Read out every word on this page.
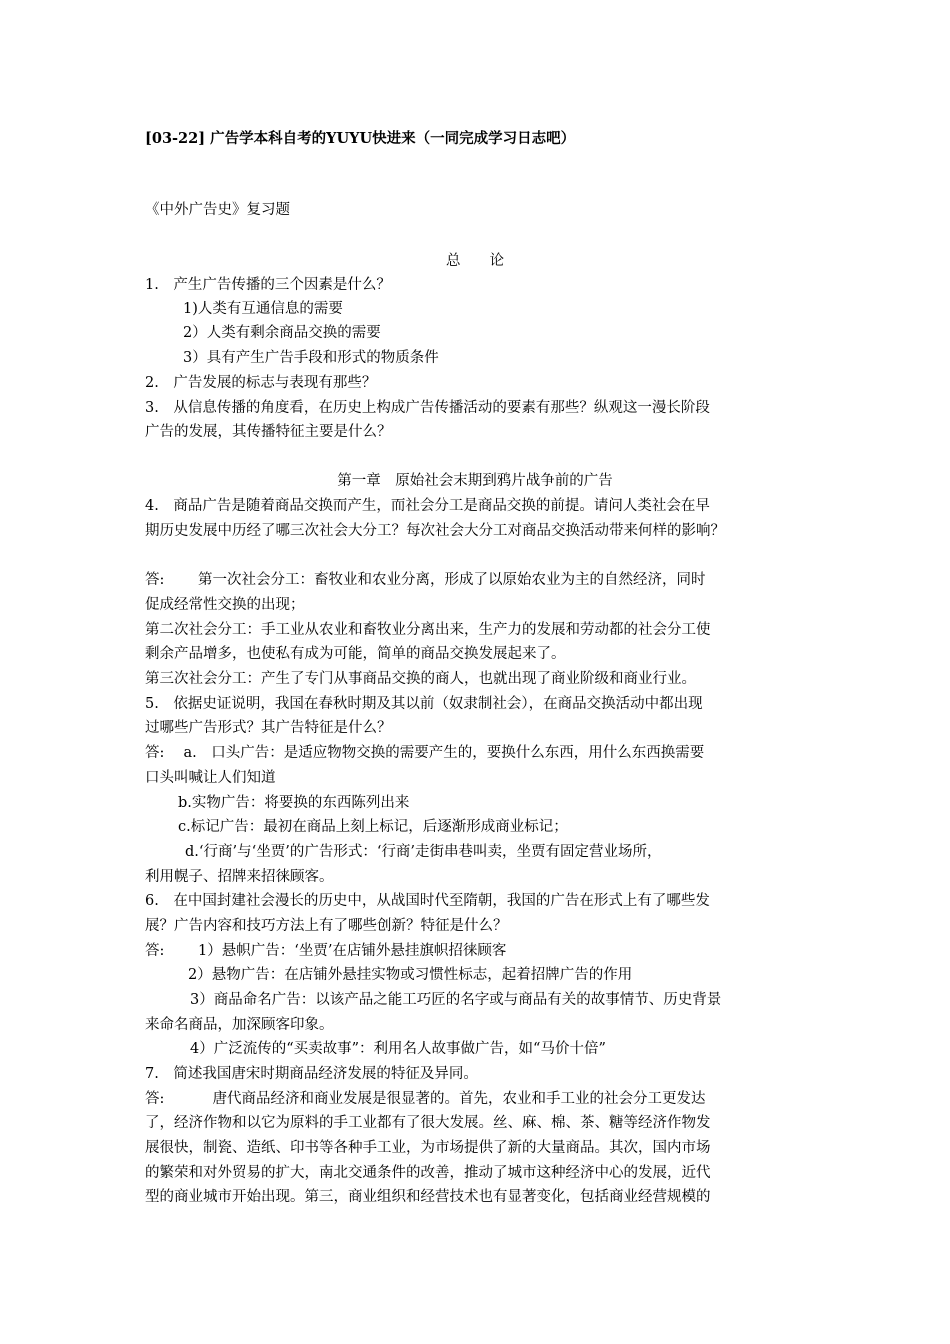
[03-22] 广告学本科自考的YUYU快进来（一同完成学习日志吧）
《中外广告史》复习题
总　　论
1.　产生广告传播的三个因素是什么？
1)人类有互通信息的需要
2）人类有剩余商品交换的需要
3）具有产生广告手段和形式的物质条件
2.　广告发展的标志与表现有那些？
3.　从信息传播的角度看，在历史上构成广告传播活动的要素有那些？纵观这一漫长阶段
广告的发展，其传播特征主要是什么？
第一章　原始社会末期到鸦片战争前的广告
4.　商品广告是随着商品交换而产生，而社会分工是商品交换的前提。请问人类社会在早
期历史发展中历经了哪三次社会大分工？每次社会大分工对商品交换活动带来何样的影响？
答:　　 第一次社会分工：畜牧业和农业分离，形成了以原始农业为主的自然经济，同时
促成经常性交换的出现；
第二次社会分工：手工业从农业和畜牧业分离出来，生产力的发展和劳动都的社会分工使
剩余产品增多，也使私有成为可能，简单的商品交换发展起来了。
第三次社会分工：产生了专门从事商品交换的商人，也就出现了商业阶级和商业行业。
5.　依据史证说明，我国在春秋时期及其以前（奴隶制社会），在商品交换活动中都出现
过哪些广告形式？其广告特征是什么？
答:　 a.　口头广告：是适应物物交换的需要产生的，要换什么东西，用什么东西换需要
口头叫喊让人们知道
b.实物广告：将要换的东西陈列出来
c.标记广告：最初在商品上刻上标记，后逐渐形成商业标记；
d.‘行商’与‘坐贾’的广告形式：‘行商’走街串巷叫卖，坐贾有固定营业场所，
利用幌子、招牌来招徕顾客。
6.　在中国封建社会漫长的历史中，从战国时代至隋朝，我国的广告在形式上有了哪些发
展？广告内容和技巧方法上有了哪些创新？特征是什么？
答:　　 1）悬帜广告：‘坐贾’在店铺外悬挂旗帜招徕顾客
2）悬物广告：在店铺外悬挂实物或习惯性标志，起着招牌广告的作用
3）商品命名广告：以该产品之能工巧匠的名字或与商品有关的故事情节、历史背景
来命名商品，加深顾客印象。
4）广泛流传的“买卖故事”：利用名人故事做广告，如“马价十倍”
7.　简述我国唐宋时期商品经济发展的特征及异同。
答:　　　 唐代商品经济和商业发展是很显著的。首先，农业和手工业的社会分工更发达
了，经济作物和以它为原料的手工业都有了很大发展。丝、麻、棉、茶、糖等经济作物发
展很快，制瓷、造纸、印书等各种手工业，为市场提供了新的大量商品。其次，国内市场
的繁荣和对外贸易的扩大，南北交通条件的改善，推动了城市这种经济中心的发展，近代
型的商业城市开始出现。第三，商业组织和经营技术也有显著变化，包括商业经营规模的
